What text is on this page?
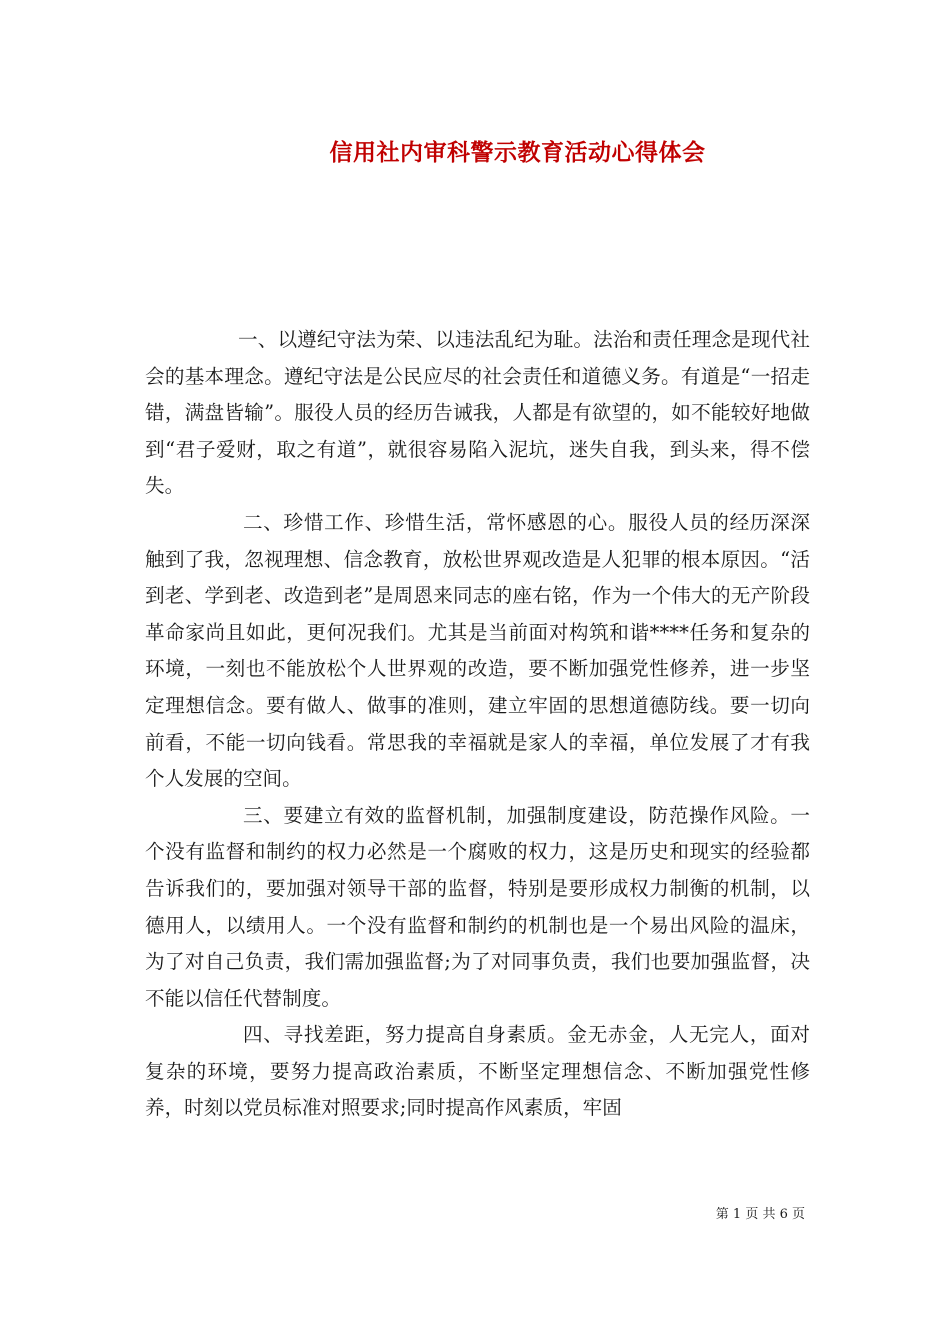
信用社内审科警示教育活动心得体会

一、以遵纪守法为荣、以违法乱纪为耻。法治和责任理念是现代社会的基本理念。遵纪守法是公民应尽的社会责任和道德义务。有道是“一招走错，满盘皆输”。服役人员的经历告诫我，人都是有欲望的，如不能较好地做到“君子爱财，取之有道”，就很容易陷入泥坑，迷失自我，到头来，得不偿失。

二、珍惜工作、珍惜生活，常怀感恩的心。服役人员的经历深深触到了我，忽视理想、信念教育，放松世界观改造是人犯罪的根本原因。“活到老、学到老、改造到老”是周恩来同志的座右铭，作为一个伟大的无产阶段革命家尚且如此，更何况我们。尤其是当前面对构筑和谐****任务和复杂的环境，一刻也不能放松个人世界观的改造，要不断加强党性修养，进一步坚定理想信念。要有做人、做事的准则，建立牢固的思想道德防线。要一切向前看，不能一切向钱看。常思我的幸福就是家人的幸福，单位发展了才有我个人发展的空间。

三、要建立有效的监督机制，加强制度建设，防范操作风险。一个没有监督和制约的权力必然是一个腐败的权力，这是历史和现实的经验都告诉我们的，要加强对领导干部的监督，特别是要形成权力制衡的机制，以德用人，以绩用人。一个没有监督和制约的机制也是一个易出风险的温床，为了对自己负责，我们需加强监督;为了对同事负责，我们也要加强监督，决不能以信任代替制度。

四、寻找差距，努力提高自身素质。金无赤金，人无完人，面对复杂的环境，要努力提高政治素质，不断坚定理想信念、不断加强党性修养，时刻以党员标准对照要求;同时提高作风素质，牢固

第 1 页 共 6 页
